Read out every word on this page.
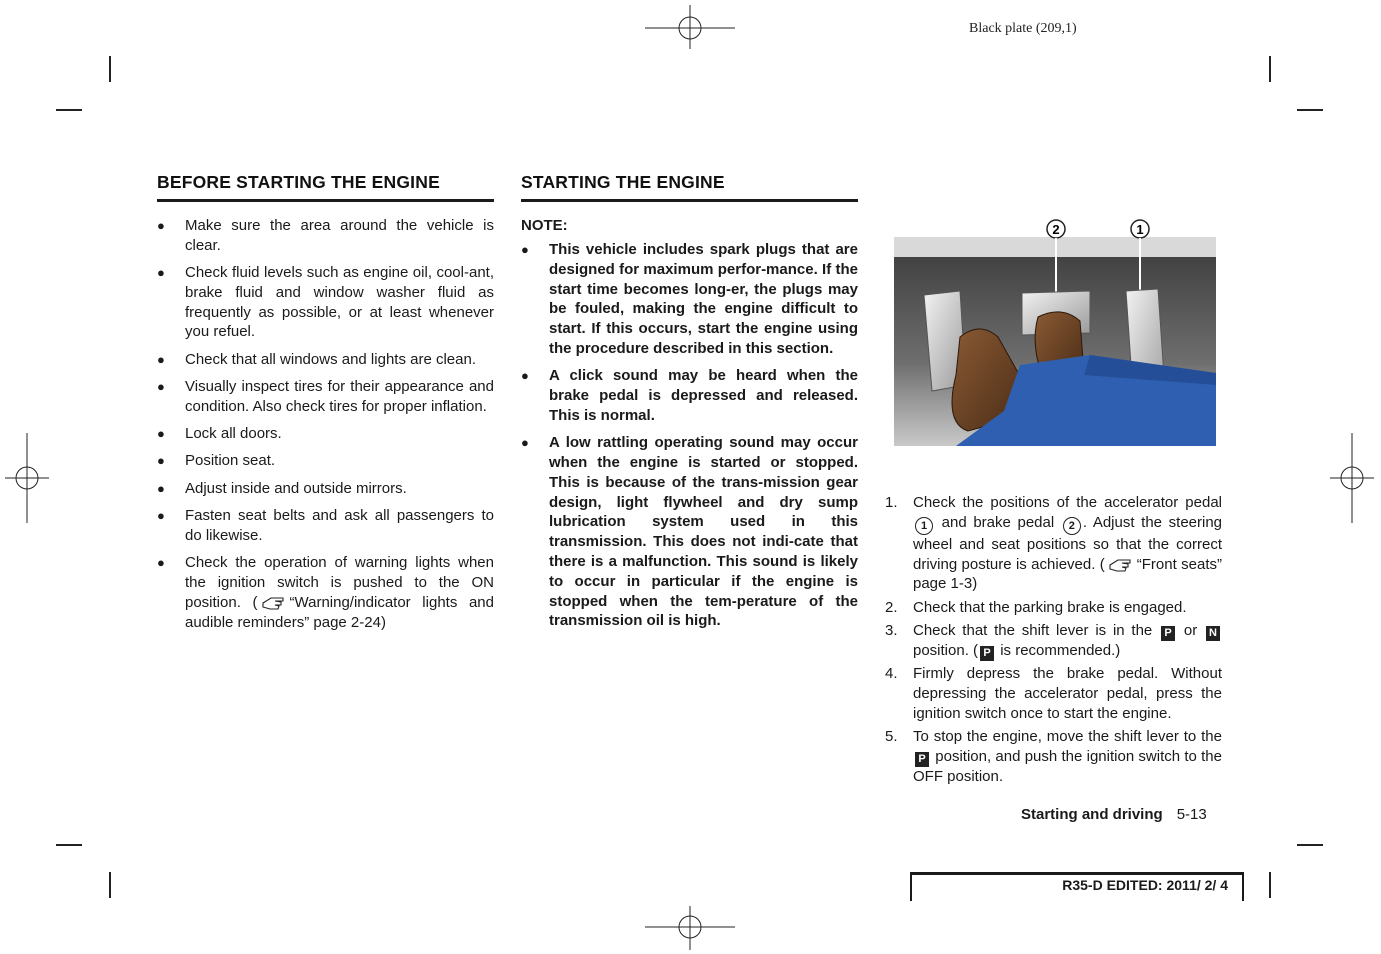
Black plate (209,1)
BEFORE STARTING THE ENGINE
●	Make sure the area around the vehicle is clear.
●	Check fluid levels such as engine oil, cool-ant, brake fluid and window washer fluid as frequently as possible, or at least whenever you refuel.
●	Check that all windows and lights are clean.
●	Visually inspect tires for their appearance and condition. Also check tires for proper inflation.
●	Lock all doors.
●	Position seat.
●	Adjust inside and outside mirrors.
●	Fasten seat belts and ask all passengers to do likewise.
●	Check the operation of warning lights when the ignition switch is pushed to the ON position. ( “Warning/indicator lights and audible reminders” page 2-24)
STARTING THE ENGINE
NOTE:
● This vehicle includes spark plugs that are designed for maximum perfor-mance. If the start time becomes long-er, the plugs may be fouled, making the engine difficult to start. If this occurs, start the engine using the procedure described in this section.
● A click sound may be heard when the brake pedal is depressed and released. This is normal.
● A low rattling operating sound may occur when the engine is started or stopped. This is because of the trans-mission gear design, light flywheel and dry sump lubrication system used in this transmission. This does not indi-cate that there is a malfunction. This sound is likely to occur in particular if the engine is stopped when the tem-perature of the transmission oil is high.
2	1
1. Check the positions of the accelerator pedal 1 and brake pedal 2 . Adjust the steering wheel and seat positions so that the correct driving posture is achieved. ( “Front seats” page 1-3)
2. Check that the parking brake is engaged.
3. Check that the shift lever is in the P or N position. ( P is recommended.)
4. Firmly depress the brake pedal. Without depressing the accelerator pedal, press the ignition switch once to start the engine.
5. To stop the engine, move the shift lever to the P position, and push the ignition switch to the OFF position.
Starting and driving 5-13
R35-D EDITED: 2011/ 2/ 4
